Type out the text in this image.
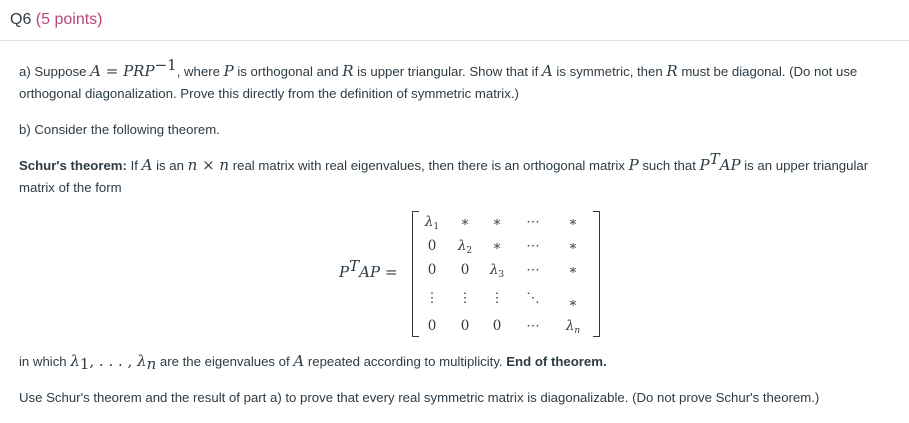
Q6 (5 points)
a) Suppose $A = PRP^{-1}$, where P is orthogonal and R is upper triangular. Show that if A is symmetric, then R must be diagonal. (Do not use orthogonal diagonalization. Prove this directly from the definition of symmetric matrix.)
b) Consider the following theorem.
Schur's theorem: If A is an n × n real matrix with real eigenvalues, then there is an orthogonal matrix P such that $P^TAP$ is an upper triangular matrix of the form
$P^TAP$ =
$\lambda_1$	∗	∗	⋯	∗
0	$\lambda_2$	∗	⋯	∗
0	0	$\lambda_3$	⋯	∗
⋮	⋮	⋮	⋱	∗
0	0	0	⋯	$\lambda_n$
in which $\lambda_1$, . . . , $\lambda_n$ are the eigenvalues of A repeated according to multiplicity. End of theorem.
Use Schur's theorem and the result of part a) to prove that every real symmetric matrix is diagonalizable. (Do not prove Schur's theorem.)
